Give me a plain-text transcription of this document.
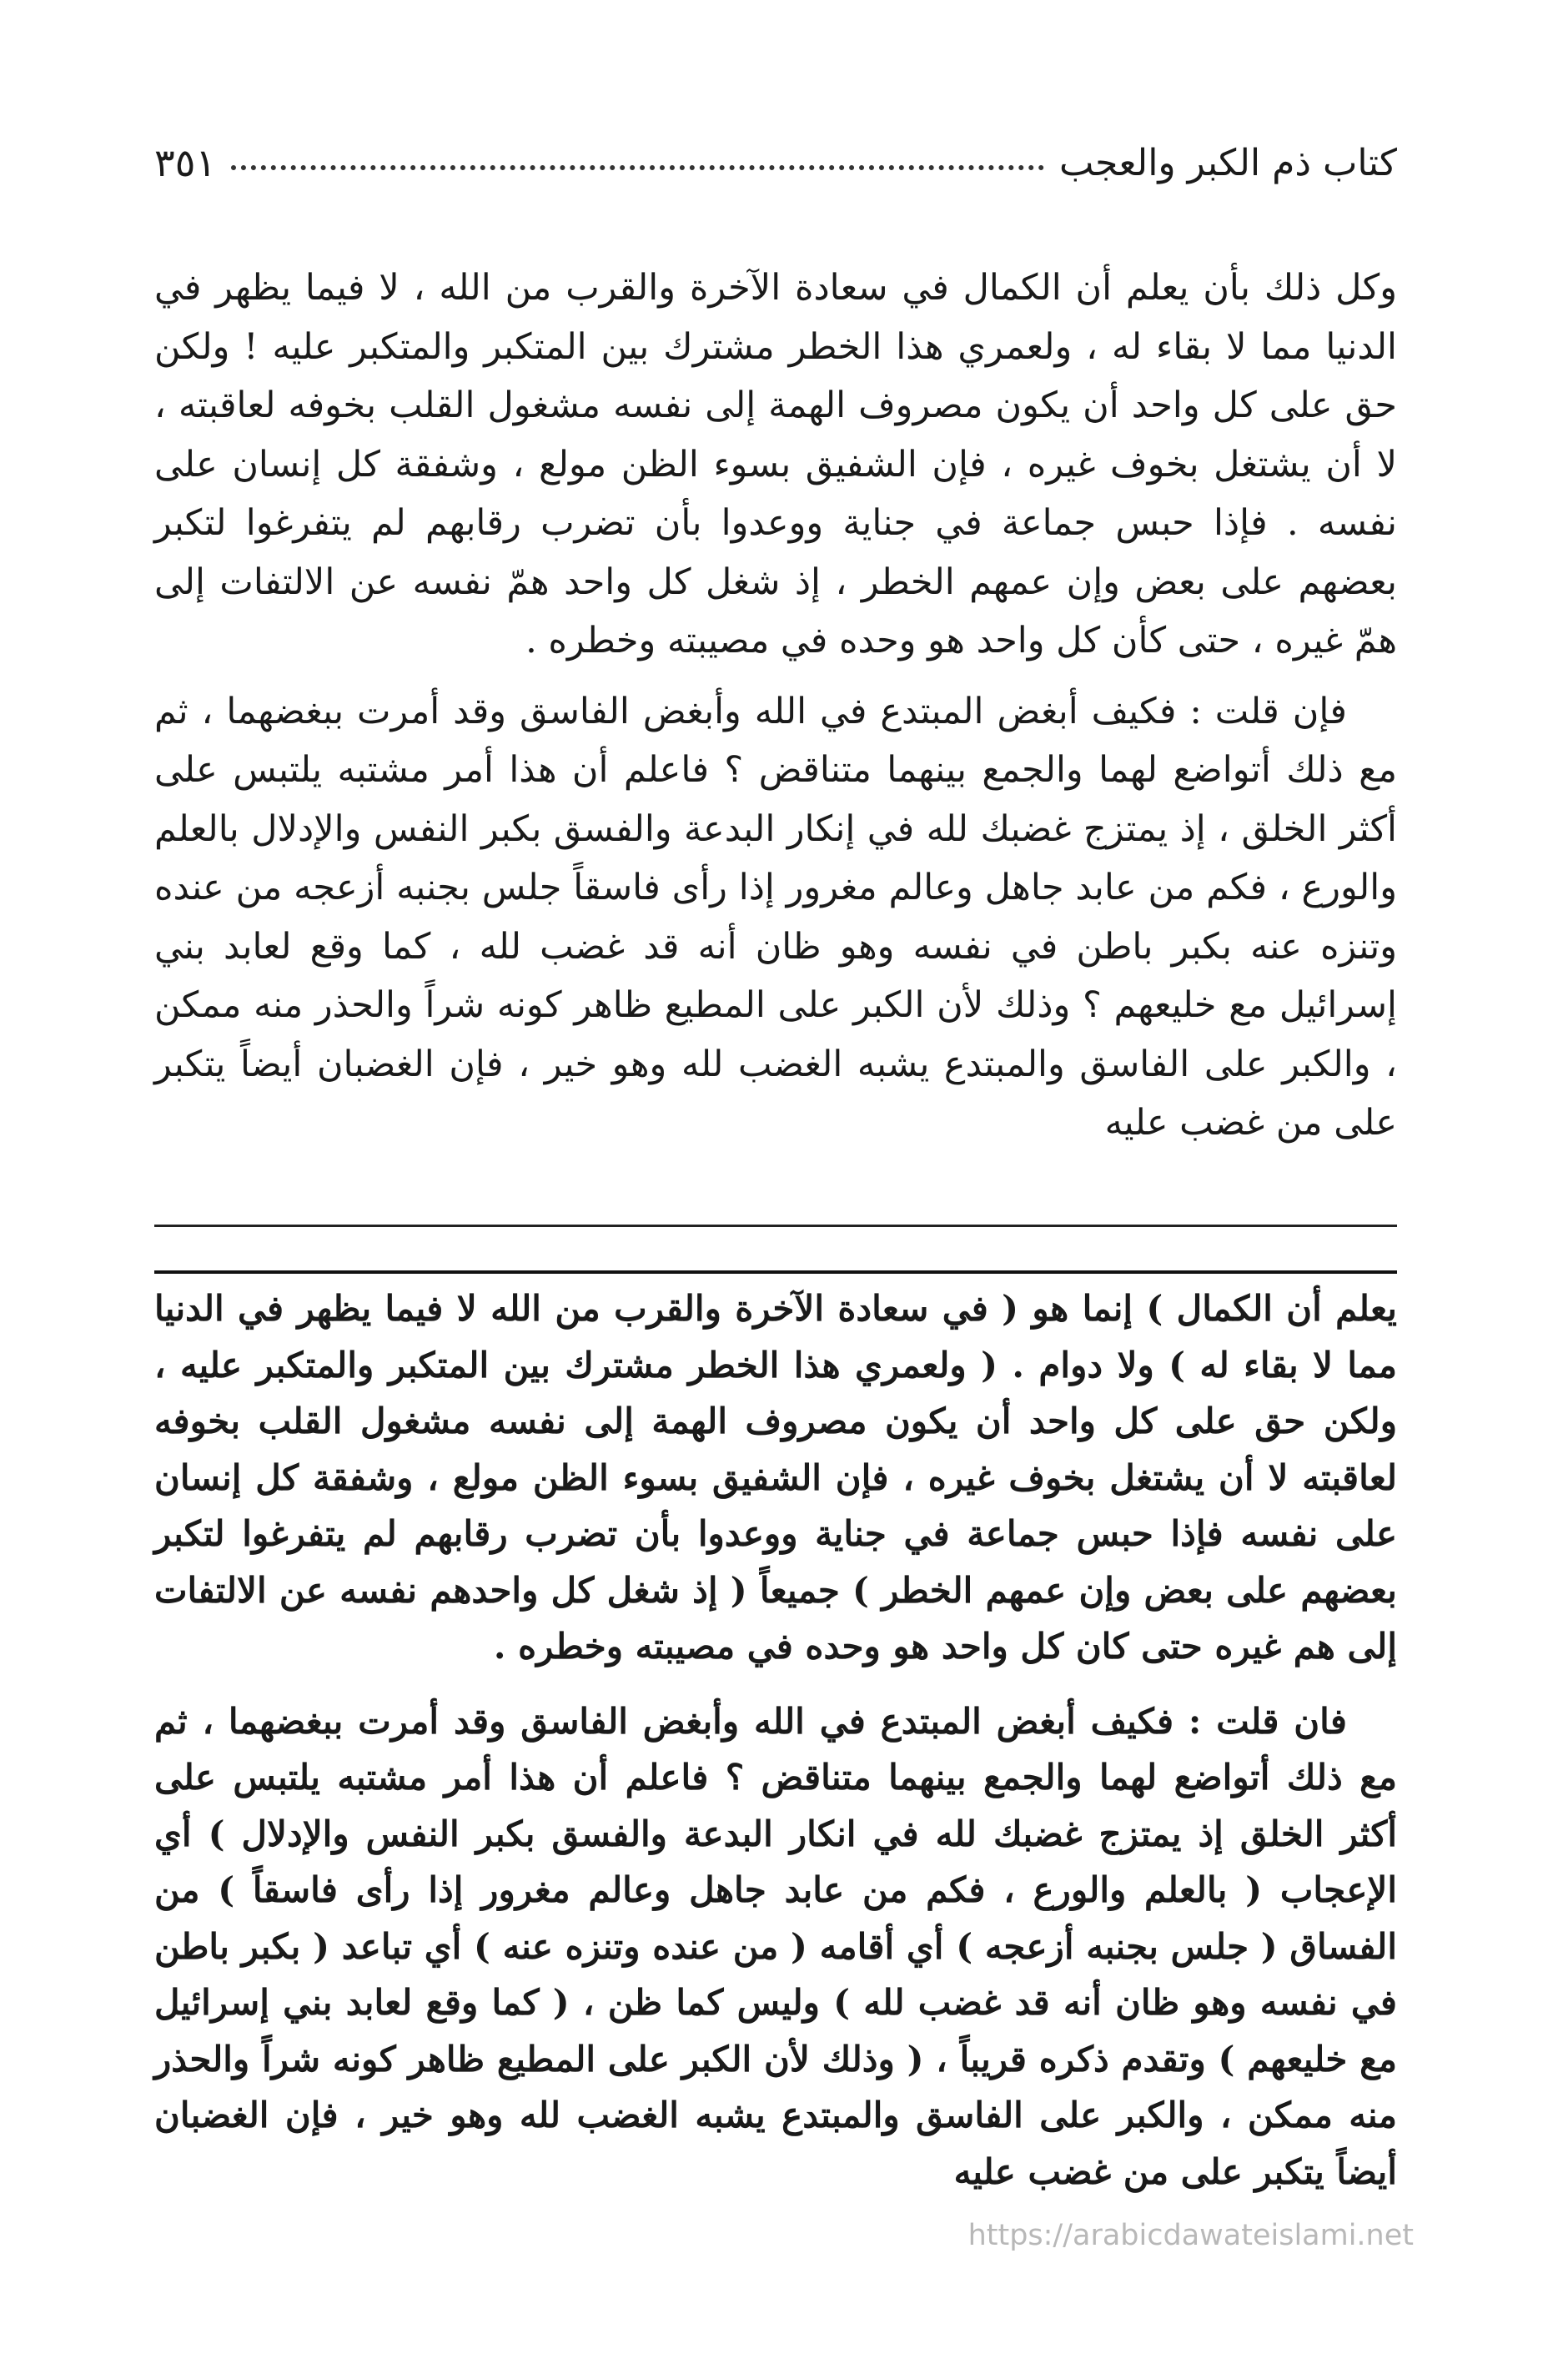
كتاب ذم الكبر والعجب
٣٥١

وكل ذلك بأن يعلم أن الكمال في سعادة الآخرة والقرب من الله ، لا فيما يظهر في الدنيا مما لا بقاء له ، ولعمري هذا الخطر مشترك بين المتكبر والمتكبر عليه ! ولكن حق على كل واحد أن يكون مصروف الهمة إلى نفسه مشغول القلب بخوفه لعاقبته ، لا أن يشتغل بخوف غيره ، فإن الشفيق بسوء الظن مولع ، وشفقة كل إنسان على نفسه . فإذا حبس جماعة في جناية ووعدوا بأن تضرب رقابهم لم يتفرغوا لتكبر بعضهم على بعض وإن عمهم الخطر ، إذ شغل كل واحد همّ نفسه عن الالتفات إلى همّ غيره ، حتى كأن كل واحد هو وحده في مصيبته وخطره .

فإن قلت : فكيف أبغض المبتدع في الله وأبغض الفاسق وقد أمرت ببغضهما ، ثم مع ذلك أتواضع لهما والجمع بينهما متناقض ؟ فاعلم أن هذا أمر مشتبه يلتبس على أكثر الخلق ، إذ يمتزج غضبك لله في إنكار البدعة والفسق بكبر النفس والإدلال بالعلم والورع ، فكم من عابد جاهل وعالم مغرور إذا رأى فاسقاً جلس بجنبه أزعجه من عنده وتنزه عنه بكبر باطن في نفسه وهو ظان أنه قد غضب لله ، كما وقع لعابد بني إسرائيل مع خليعهم ؟ وذلك لأن الكبر على المطيع ظاهر كونه شراً والحذر منه ممكن ، والكبر على الفاسق والمبتدع يشبه الغضب لله وهو خير ، فإن الغضبان أيضاً يتكبر على من غضب عليه

يعلم أن الكمال ) إنما هو ( في سعادة الآخرة والقرب من الله لا فيما يظهر في الدنيا مما لا بقاء له ) ولا دوام . ( ولعمري هذا الخطر مشترك بين المتكبر والمتكبر عليه ، ولكن حق على كل واحد أن يكون مصروف الهمة إلى نفسه مشغول القلب بخوفه لعاقبته لا أن يشتغل بخوف غيره ، فإن الشفيق بسوء الظن مولع ، وشفقة كل إنسان على نفسه فإذا حبس جماعة في جناية ووعدوا بأن تضرب رقابهم لم يتفرغوا لتكبر بعضهم على بعض وإن عمهم الخطر ) جميعاً ( إذ شغل كل واحدهم نفسه عن الالتفات إلى هم غيره حتى كان كل واحد هو وحده في مصيبته وخطره .

فان قلت : فكيف أبغض المبتدع في الله وأبغض الفاسق وقد أمرت ببغضهما ، ثم مع ذلك أتواضع لهما والجمع بينهما متناقض ؟ فاعلم أن هذا أمر مشتبه يلتبس على أكثر الخلق إذ يمتزج غضبك لله في انكار البدعة والفسق بكبر النفس والإدلال ) أي الإعجاب ( بالعلم والورع ، فكم من عابد جاهل وعالم مغرور إذا رأى فاسقاً ) من الفساق ( جلس بجنبه أزعجه ) أي أقامه ( من عنده وتنزه عنه ) أي تباعد ( بكبر باطن في نفسه وهو ظان أنه قد غضب لله ) وليس كما ظن ، ( كما وقع لعابد بني إسرائيل مع خليعهم ) وتقدم ذكره قريباً ، ( وذلك لأن الكبر على المطيع ظاهر كونه شراً والحذر منه ممكن ، والكبر على الفاسق والمبتدع يشبه الغضب لله وهو خير ، فإن الغضبان أيضاً يتكبر على من غضب عليه

https://arabicdawateislami.net
